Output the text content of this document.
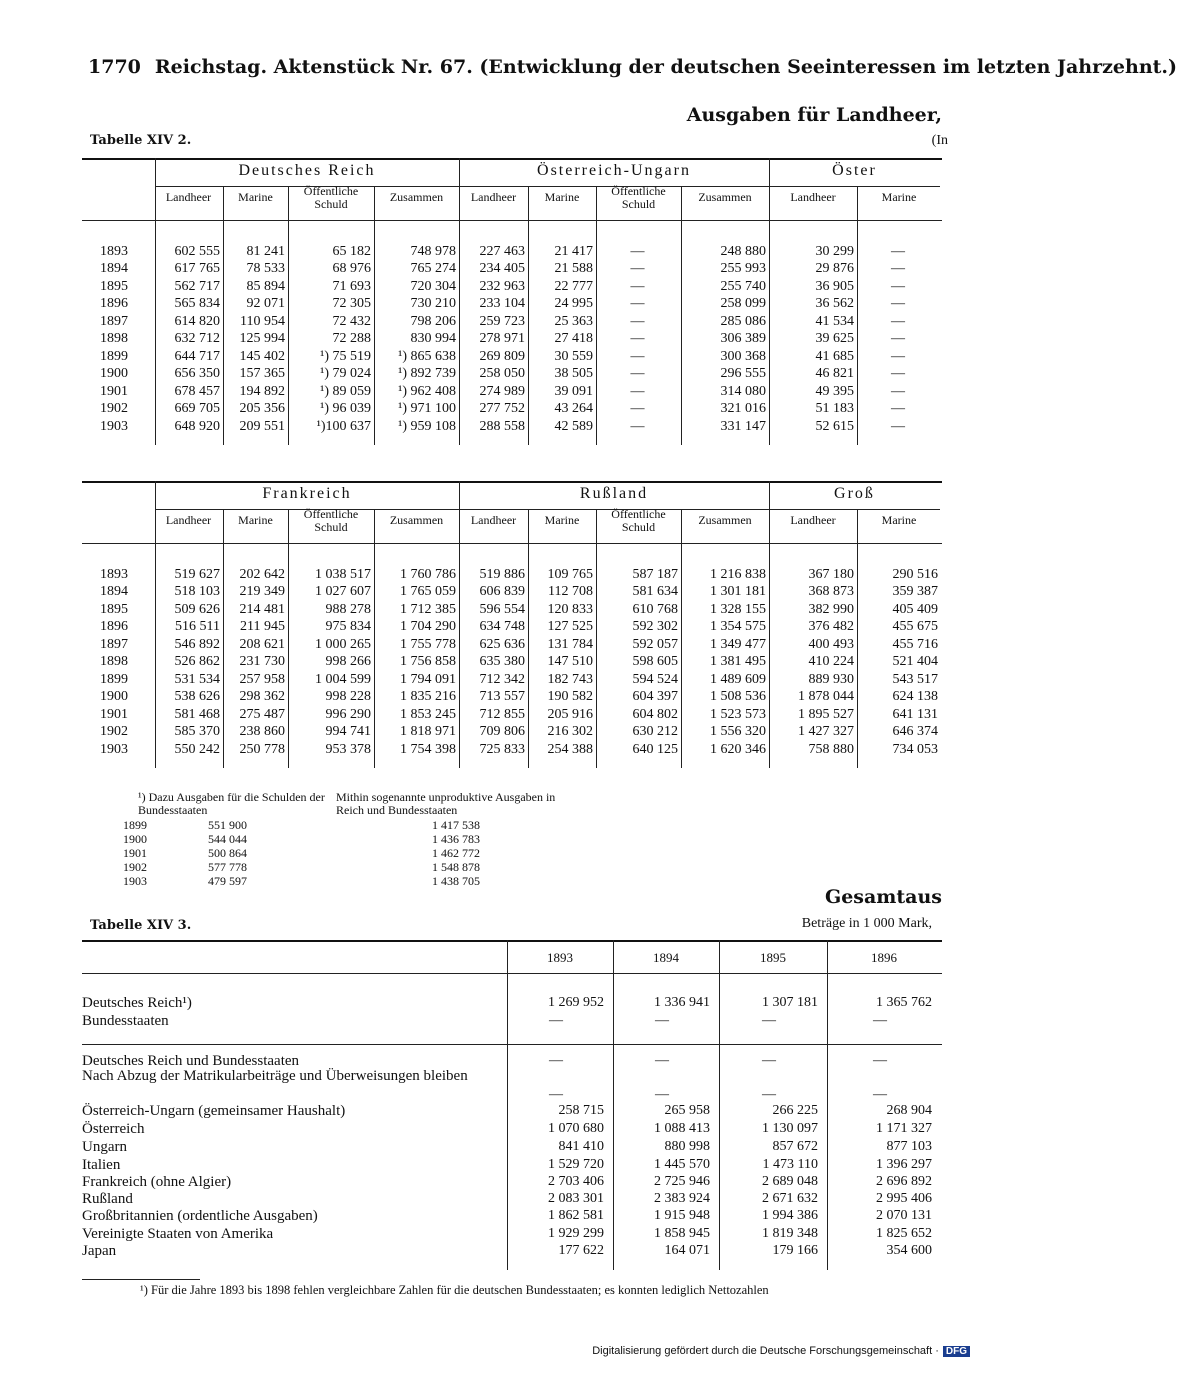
1770 Reichstag. Aktenstück Nr. 67. (Entwicklung der deutschen Seeinteressen im letzten Jahrzehnt.)
Ausgaben für Landheer,
(In
Tabelle XIV 2.
Deutsches Reich	Österreich-Ungarn	Öster
Landheer	Marine	Öffentliche Schuld	Zusammen	Landheer	Marine	Öffentliche Schuld	Zusammen	Landheer	Marine
1893	602 555	81 241	65 182	748 978	227 463	21 417	—	248 880	30 299	—
1894	617 765	78 533	68 976	765 274	234 405	21 588	—	255 993	29 876	—
1895	562 717	85 894	71 693	720 304	232 963	22 777	—	255 740	36 905	—
1896	565 834	92 071	72 305	730 210	233 104	24 995	—	258 099	36 562	—
1897	614 820	110 954	72 432	798 206	259 723	25 363	—	285 086	41 534	—
1898	632 712	125 994	72 288	830 994	278 971	27 418	—	306 389	39 625	—
1899	644 717	145 402	¹) 75 519	¹) 865 638	269 809	30 559	—	300 368	41 685	—
1900	656 350	157 365	¹) 79 024	¹) 892 739	258 050	38 505	—	296 555	46 821	—
1901	678 457	194 892	¹) 89 059	¹) 962 408	274 989	39 091	—	314 080	49 395	—
1902	669 705	205 356	¹) 96 039	¹) 971 100	277 752	43 264	—	321 016	51 183	—
1903	648 920	209 551	¹)100 637	¹) 959 108	288 558	42 589	—	331 147	52 615	—
Frankreich	Rußland	Groß
Landheer	Marine	Öffentliche Schuld	Zusammen	Landheer	Marine	Öffentliche Schuld	Zusammen	Landheer	Marine
1893	519 627	202 642	1 038 517	1 760 786	519 886	109 765	587 187	1 216 838	367 180	290 516
1894	518 103	219 349	1 027 607	1 765 059	606 839	112 708	581 634	1 301 181	368 873	359 387
1895	509 626	214 481	988 278	1 712 385	596 554	120 833	610 768	1 328 155	382 990	405 409
1896	516 511	211 945	975 834	1 704 290	634 748	127 525	592 302	1 354 575	376 482	455 675
1897	546 892	208 621	1 000 265	1 755 778	625 636	131 784	592 057	1 349 477	400 493	455 716
1898	526 862	231 730	998 266	1 756 858	635 380	147 510	598 605	1 381 495	410 224	521 404
1899	531 534	257 958	1 004 599	1 794 091	712 342	182 743	594 524	1 489 609	889 930	543 517
1900	538 626	298 362	998 228	1 835 216	713 557	190 582	604 397	1 508 536	1 878 044	624 138
1901	581 468	275 487	996 290	1 853 245	712 855	205 916	604 802	1 523 573	1 895 527	641 131
1902	585 370	238 860	994 741	1 818 971	709 806	216 302	630 212	1 556 320	1 427 327	646 374
1903	550 242	250 778	953 378	1 754 398	725 833	254 388	640 125	1 620 346	758 880	734 053
¹) Dazu Ausgaben für die Schulden der Bundesstaaten
Mithin sogenannte unproduktive Ausgaben in Reich und Bundesstaaten
1899	551 900	1 417 538
1900	544 044	1 436 783
1901	500 864	1 462 772
1902	577 778	1 548 878
1903	479 597	1 438 705
Gesamtaus
Beträge in 1 000 Mark,
Tabelle XIV 3.
1893	1894	1895	1896
Deutsches Reich¹)	1 269 952	1 336 941	1 307 181	1 365 762
Bundesstaaten	—	—	—	—
Deutsches Reich und Bundesstaaten	—	—	—	—
Nach Abzug der Matrikularbeiträge und Überweisungen bleiben
—	—	—	—
Österreich-Ungarn (gemeinsamer Haushalt)	258 715	265 958	266 225	268 904
Österreich	1 070 680	1 088 413	1 130 097	1 171 327
Ungarn	841 410	880 998	857 672	877 103
Italien	1 529 720	1 445 570	1 473 110	1 396 297
Frankreich (ohne Algier)	2 703 406	2 725 946	2 689 048	2 696 892
Rußland	2 083 301	2 383 924	2 671 632	2 995 406
Großbritannien (ordentliche Ausgaben)	1 862 581	1 915 948	1 994 386	2 070 131
Vereinigte Staaten von Amerika	1 929 299	1 858 945	1 819 348	1 825 652
Japan	177 622	164 071	179 166	354 600
¹) Für die Jahre 1893 bis 1898 fehlen vergleichbare Zahlen für die deutschen Bundesstaaten; es konnten lediglich Nettozahlen
Digitalisierung gefördert durch die Deutsche Forschungsgemeinschaft · DFG
